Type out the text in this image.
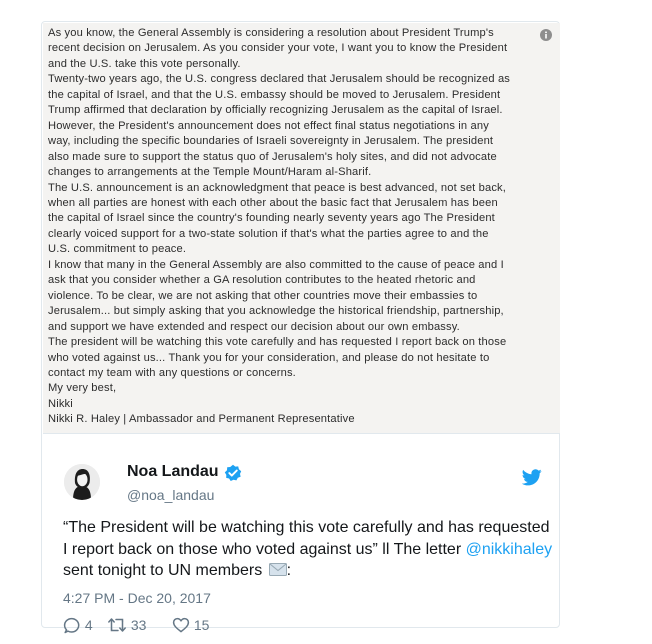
As you know, the General Assembly is considering a resolution about President Trump's
recent decision on Jerusalem. As you consider your vote, I want you to know the President
and the U.S. take this vote personally.
Twenty-two years ago, the U.S. congress declared that Jerusalem should be recognized as
the capital of Israel, and that the U.S. embassy should be moved to Jerusalem. President
Trump affirmed that declaration by officially recognizing Jerusalem as the capital of Israel.
However, the President's announcement does not effect final status negotiations in any
way, including the specific boundaries of Israeli sovereignty in Jerusalem. The president
also made sure to support the status quo of Jerusalem's holy sites, and did not advocate
changes to arrangements at the Temple Mount/Haram al-Sharif.
The U.S. announcement is an acknowledgment that peace is best advanced, not set back,
when all parties are honest with each other about the basic fact that Jerusalem has been
the capital of Israel since the country's founding nearly seventy years ago The President
clearly voiced support for a two-state solution if that's what the parties agree to and the
U.S. commitment to peace.
I know that many in the General Assembly are also committed to the cause of peace and I
ask that you consider whether a GA resolution contributes to the heated rhetoric and
violence. To be clear, we are not asking that other countries move their embassies to
Jerusalem... but simply asking that you acknowledge the historical friendship, partnership,
and support we have extended and respect our decision about our own embassy.
The president will be watching this vote carefully and has requested I report back on those
who voted against us... Thank you for your consideration, and please do not hesitate to
contact my team with any questions or concerns.
My very best,
Nikki
Nikki R. Haley | Ambassador and Permanent Representative
Noa Landau
@noa_landau
“The President will be watching this vote carefully and has requested I report back on those who voted against us” ll The letter @nikkihaley sent tonight to UN members :
4:27 PM - Dec 20, 2017
4	33	15
